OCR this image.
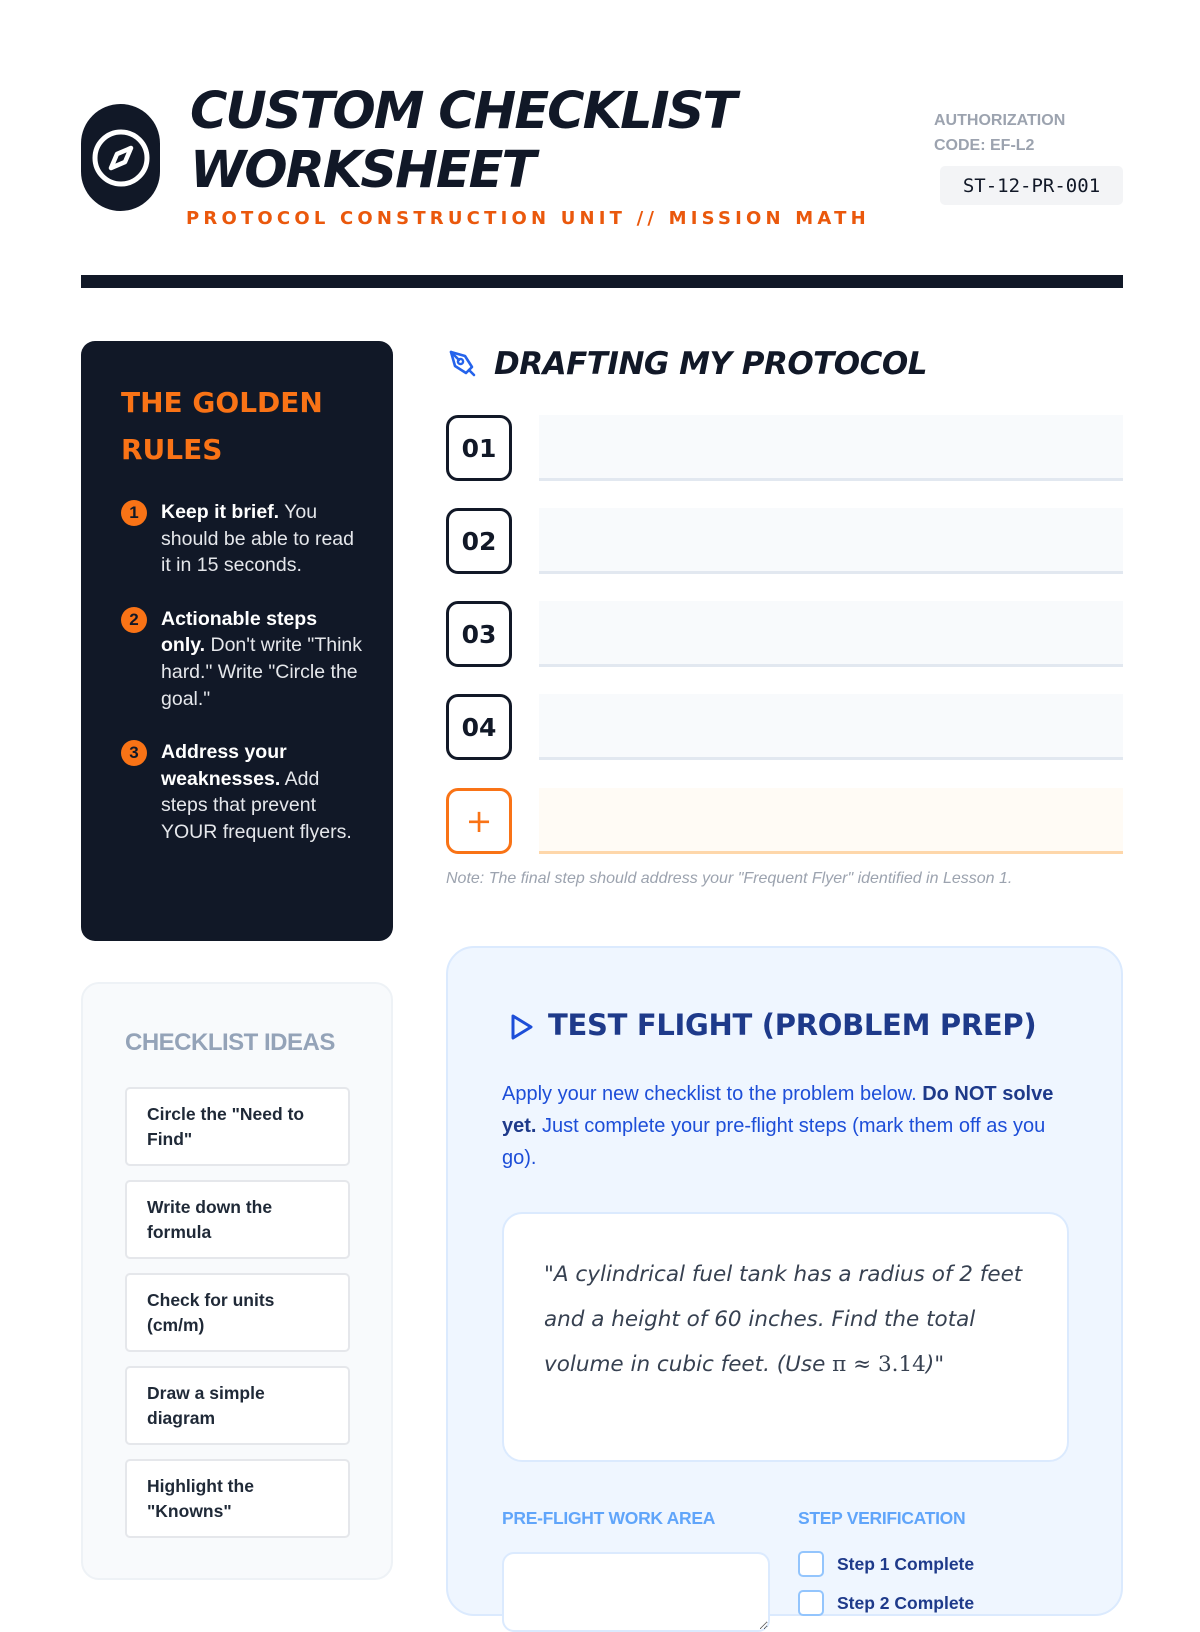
CUSTOM CHECKLIST WORKSHEET
PROTOCOL CONSTRUCTION UNIT // MISSION MATH
AUTHORIZATION CODE: EF-L2
ST-12-PR-001
THE GOLDEN RULES
1	Keep it brief. You should be able to read it in 15 seconds.

2	Actionable steps only. Don't write "Think hard." Write "Circle the goal."

3	Address your weaknesses. Add steps that prevent YOUR frequent flyers.

CHECKLIST IDEAS
Circle the "Need to Find"
Write down the formula
Check for units (cm/m)
Draw a simple diagram
Highlight the "Knowns"
DRAFTING MY PROTOCOL
01
02
03
04
+

Note: The final step should address your "Frequent Flyer" identified in Lesson 1.

TEST FLIGHT (PROBLEM PREP)

Apply your new checklist to the problem below. Do NOT solve yet. Just complete your pre-flight steps (mark them off as you go).

"A cylindrical fuel tank has a radius of 2 feet and a height of 60 inches. Find the total volume in cubic feet. (Use π ≈ 3.14)"
PRE-FLIGHT WORK AREA	STEP VERIFICATION
Step 1 Complete
Step 2 Complete
